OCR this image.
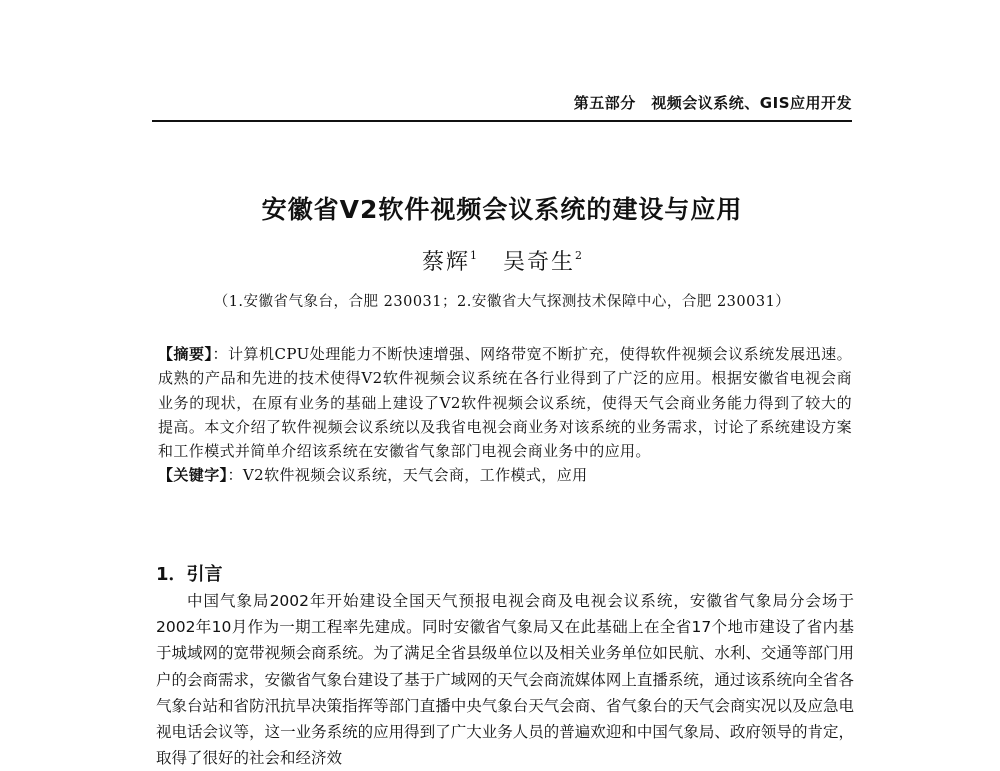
第五部分　视频会议系统、GIS应用开发
安徽省V2软件视频会议系统的建设与应用
蔡辉$^1$ 吴奇生$^2$
（1.安徽省气象台，合肥 230031；2.安徽省大气探测技术保障中心，合肥 230031）

【摘要】：计算机CPU处理能力不断快速增强、网络带宽不断扩充，使得软件视频会议系统发展迅速。成熟的产品和先进的技术使得V2软件视频会议系统在各行业得到了广泛的应用。根据安徽省电视会商业务的现状，在原有业务的基础上建设了V2软件视频会议系统，使得天气会商业务能力得到了较大的提高。本文介绍了软件视频会议系统以及我省电视会商业务对该系统的业务需求，讨论了系统建设方案和工作模式并简单介绍该系统在安徽省气象部门电视会商业务中的应用。

【关键字】：V2软件视频会议系统，天气会商，工作模式，应用

1．引言

中国气象局2002年开始建设全国天气预报电视会商及电视会议系统，安徽省气象局分会场于2002年10月作为一期工程率先建成。同时安徽省气象局又在此基础上在全省17个地市建设了省内基于城域网的宽带视频会商系统。为了满足全省县级单位以及相关业务单位如民航、水利、交通等部门用户的会商需求，安徽省气象台建设了基于广域网的天气会商流媒体网上直播系统，通过该系统向全省各气象台站和省防汛抗旱决策指挥等部门直播中央气象台天气会商、省气象台的天气会商实况以及应急电视电话会议等，这一业务系统的应用得到了广大业务人员的普遍欢迎和中国气象局、政府领导的肯定，取得了很好的社会和经济效
